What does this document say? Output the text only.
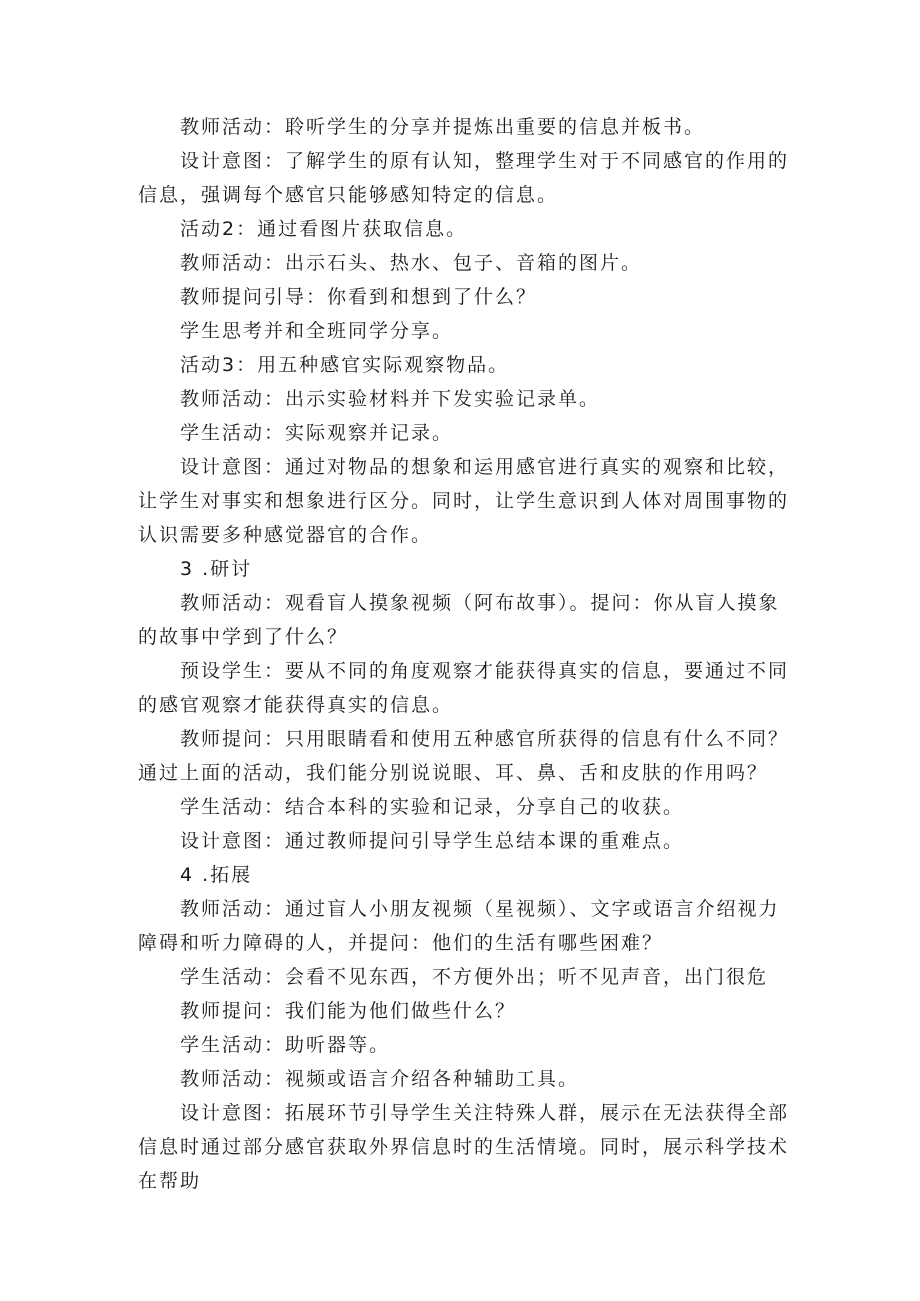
教师活动：聆听学生的分享并提炼出重要的信息并板书。

设计意图：了解学生的原有认知，整理学生对于不同感官的作用的信息，强调每个感官只能够感知特定的信息。

活动2：通过看图片获取信息。

教师活动：出示石头、热水、包子、音箱的图片。

教师提问引导：你看到和想到了什么？

学生思考并和全班同学分享。

活动3：用五种感官实际观察物品。

教师活动：出示实验材料并下发实验记录单。

学生活动：实际观察并记录。

设计意图：通过对物品的想象和运用感官进行真实的观察和比较，让学生对事实和想象进行区分。同时，让学生意识到人体对周围事物的认识需要多种感觉器官的合作。

3 .研讨

教师活动：观看盲人摸象视频（阿布故事）。提问：你从盲人摸象的故事中学到了什么？

预设学生：要从不同的角度观察才能获得真实的信息，要通过不同的感官观察才能获得真实的信息。

教师提问：只用眼睛看和使用五种感官所获得的信息有什么不同？通过上面的活动，我们能分别说说眼、耳、鼻、舌和皮肤的作用吗？

学生活动：结合本科的实验和记录，分享自己的收获。

设计意图：通过教师提问引导学生总结本课的重难点。

4 .拓展

教师活动：通过盲人小朋友视频（星视频）、文字或语言介绍视力障碍和听力障碍的人，并提问：他们的生活有哪些困难？

学生活动：会看不见东西，不方便外出；听不见声音，出门很危

教师提问：我们能为他们做些什么？

学生活动：助听器等。

教师活动：视频或语言介绍各种辅助工具。

设计意图：拓展环节引导学生关注特殊人群，展示在无法获得全部信息时通过部分感官获取外界信息时的生活情境。同时，展示科学技术在帮助
